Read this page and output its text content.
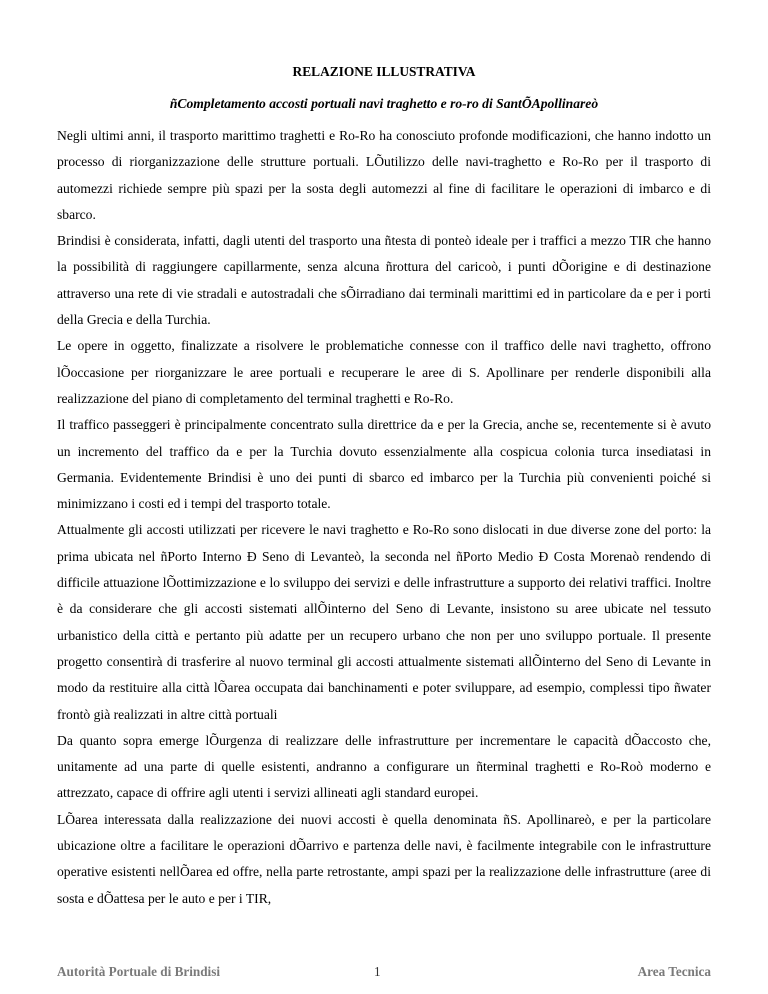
RELAZIONE ILLUSTRATIVA
ñCompletamento accosti portuali navi traghetto e ro-ro di SantÕApollinareò

Negli ultimi anni, il trasporto marittimo traghetti e Ro-Ro ha conosciuto profonde modificazioni, che hanno indotto un processo di riorganizzazione delle strutture portuali. LÕutilizzo delle navi-traghetto e Ro-Ro per il trasporto di automezzi richiede sempre più spazi per la sosta degli automezzi al fine di facilitare le operazioni di imbarco e di sbarco.

Brindisi è considerata, infatti, dagli utenti del trasporto una ñtesta di ponteò ideale per i traffici a mezzo TIR che hanno la possibilità di raggiungere capillarmente, senza alcuna ñrottura del caricoò, i punti dÕorigine e di destinazione attraverso una rete di vie stradali e autostradali che sÕirradiano dai terminali marittimi ed in particolare da e per i porti della Grecia e della Turchia.

Le opere in oggetto, finalizzate a risolvere le problematiche connesse con il traffico delle navi traghetto, offrono lÕoccasione per riorganizzare le aree portuali e recuperare le aree di S. Apollinare per renderle disponibili alla realizzazione del piano di completamento del terminal traghetti e Ro-Ro.

Il traffico passeggeri è principalmente concentrato sulla direttrice da e per la Grecia, anche se, recentemente si è avuto un incremento del traffico da e per la Turchia dovuto essenzialmente alla cospicua colonia turca insediatasi in Germania. Evidentemente Brindisi è uno dei punti di sbarco ed imbarco per la Turchia più convenienti poiché si minimizzano i costi ed i tempi del trasporto totale.

Attualmente gli accosti utilizzati per ricevere le navi traghetto e Ro-Ro sono dislocati in due diverse zone del porto: la prima ubicata nel ñPorto Interno Ð Seno di Levanteò, la seconda nel ñPorto Medio Ð Costa Morenaò rendendo di difficile attuazione lÕottimizzazione e lo sviluppo dei servizi e delle infrastrutture a supporto dei relativi traffici. Inoltre è da considerare che gli accosti sistemati allÕinterno del Seno di Levante, insistono su aree ubicate nel tessuto urbanistico della città e pertanto più adatte per un recupero urbano che non per uno sviluppo portuale. Il presente progetto consentirà di trasferire al nuovo terminal gli accosti attualmente sistemati allÕinterno del Seno di Levante in modo da restituire alla città lÕarea occupata dai banchinamenti e poter sviluppare, ad esempio, complessi tipo ñwater frontò già realizzati in altre città portuali

Da quanto sopra emerge lÕurgenza di realizzare delle infrastrutture per incrementare le capacità dÕaccosto che, unitamente ad una parte di quelle esistenti, andranno a configurare un ñterminal traghetti e Ro-Roò moderno e attrezzato, capace di offrire agli utenti i servizi allineati agli standard europei.

LÕarea interessata dalla realizzazione dei nuovi accosti è quella denominata ñS. Apollinareò, e per la particolare ubicazione oltre a facilitare le operazioni dÕarrivo e partenza delle navi, è facilmente integrabile con le infrastrutture operative esistenti nellÕarea ed offre, nella parte retrostante, ampi spazi per la realizzazione delle infrastrutture (aree di sosta e dÕattesa per le auto e per i TIR,

Autorità Portuale di Brindisi	1	Area Tecnica
